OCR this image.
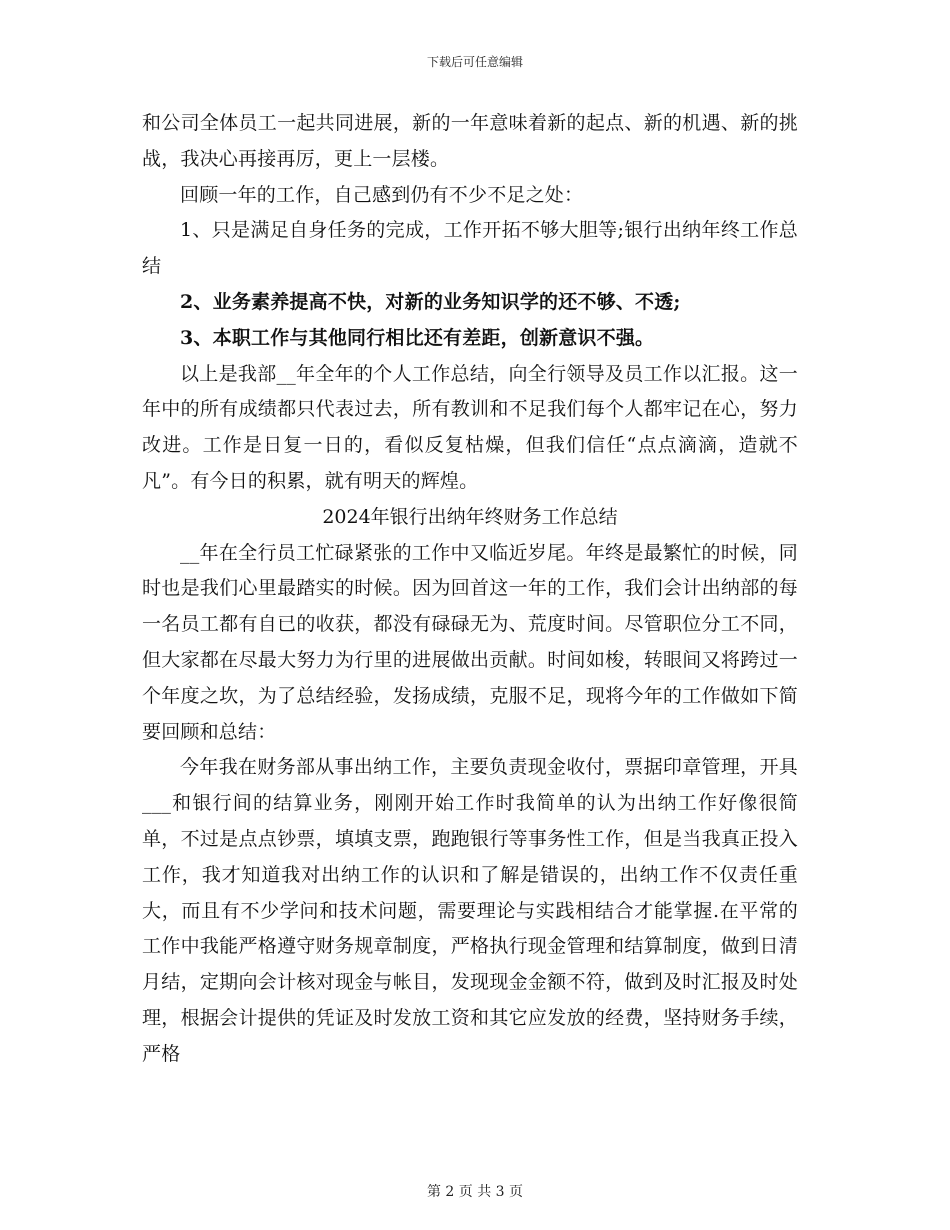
下载后可任意编辑

和公司全体员工一起共同进展，新的一年意味着新的起点、新的机遇、新的挑战，我决心再接再厉，更上一层楼。

回顾一年的工作，自己感到仍有不少不足之处：

1、只是满足自身任务的完成，工作开拓不够大胆等;银行出纳年终工作总结

2、业务素养提高不快，对新的业务知识学的还不够、不透;

3、本职工作与其他同行相比还有差距，创新意识不强。

以上是我部__年全年的个人工作总结，向全行领导及员工作以汇报。这一年中的所有成绩都只代表过去，所有教训和不足我们每个人都牢记在心，努力改进。工作是日复一日的，看似反复枯燥，但我们信任“点点滴滴，造就不凡”。有今日的积累，就有明天的辉煌。

2024年银行出纳年终财务工作总结

__年在全行员工忙碌紧张的工作中又临近岁尾。年终是最繁忙的时候，同时也是我们心里最踏实的时候。因为回首这一年的工作，我们会计出纳部的每一名员工都有自已的收获，都没有碌碌无为、荒度时间。尽管职位分工不同，但大家都在尽最大努力为行里的进展做出贡献。时间如梭，转眼间又将跨过一个年度之坎，为了总结经验，发扬成绩，克服不足，现将今年的工作做如下简要回顾和总结：

今年我在财务部从事出纳工作，主要负责现金收付，票据印章管理，开具___和银行间的结算业务，刚刚开始工作时我简单的认为出纳工作好像很简单，不过是点点钞票，填填支票，跑跑银行等事务性工作，但是当我真正投入工作，我才知道我对出纳工作的认识和了解是错误的，出纳工作不仅责任重大，而且有不少学问和技术问题，需要理论与实践相结合才能掌握.在平常的工作中我能严格遵守财务规章制度，严格执行现金管理和结算制度，做到日清月结，定期向会计核对现金与帐目，发现现金金额不符，做到及时汇报及时处理，根据会计提供的凭证及时发放工资和其它应发放的经费，坚持财务手续，严格

第 2 页 共 3 页
